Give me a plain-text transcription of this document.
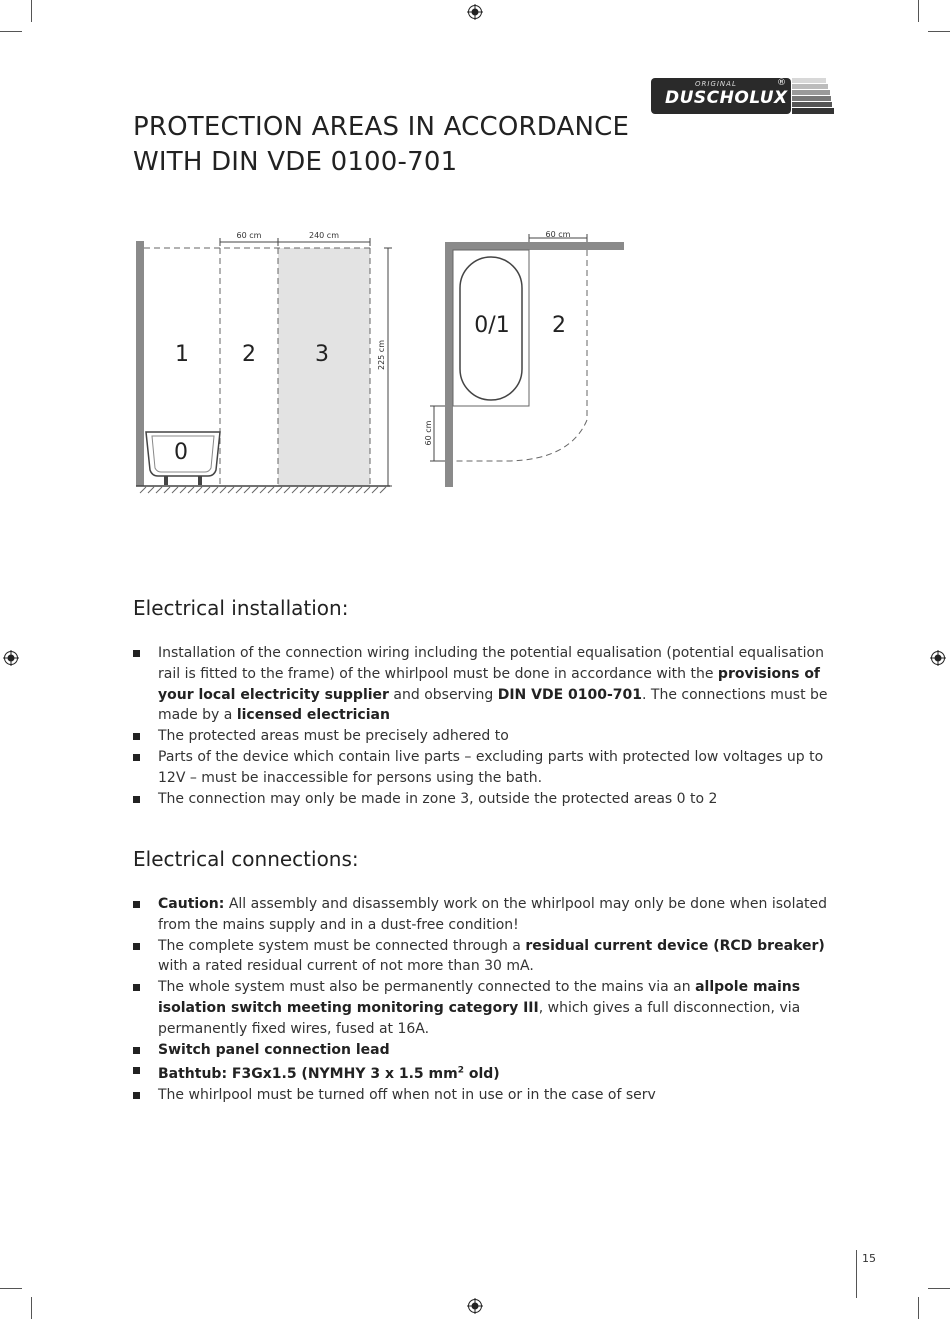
ORIGINAL
DUSCHOLUX
®
PROTECTION AREAS IN ACCORDANCE
WITH DIN VDE 0100-701
60 cm	240 cm
225 cm
1 2	3
0
60 cm
60 cm
0/1 2
Electrical installation:
Installation of the connection wiring including the potential equalisation (potential equalisation rail is fitted to the frame) of the whirlpool must be done in accordance with the provisions of your local electricity supplier and observing DIN VDE 0100-701. The connections must be made by a licensed electrician
The protected areas must be precisely adhered to
Parts of the device which contain live parts – excluding parts with protected low voltages up to 12V – must be inaccessible for persons using the bath.
The connection may only be made in zone 3, outside the protected areas 0 to 2
Electrical connections:
Caution: All assembly and disassembly work on the whirlpool may only be done when isolated from the mains supply and in a dust-free condition!
The complete system must be connected through a residual current device (RCD breaker) with a rated residual current of not more than 30 mA.
The whole system must also be permanently connected to the mains via an allpole mains isolation switch meeting monitoring category III, which gives a full disconnection, via permanently fixed wires, fused at 16A.
Switch panel connection lead
Bathtub: F3Gx1.5 (NYMHY 3 x 1.5 $mm^2$ old)
The whirlpool must be turned off when not in use or in the case of serv
15
